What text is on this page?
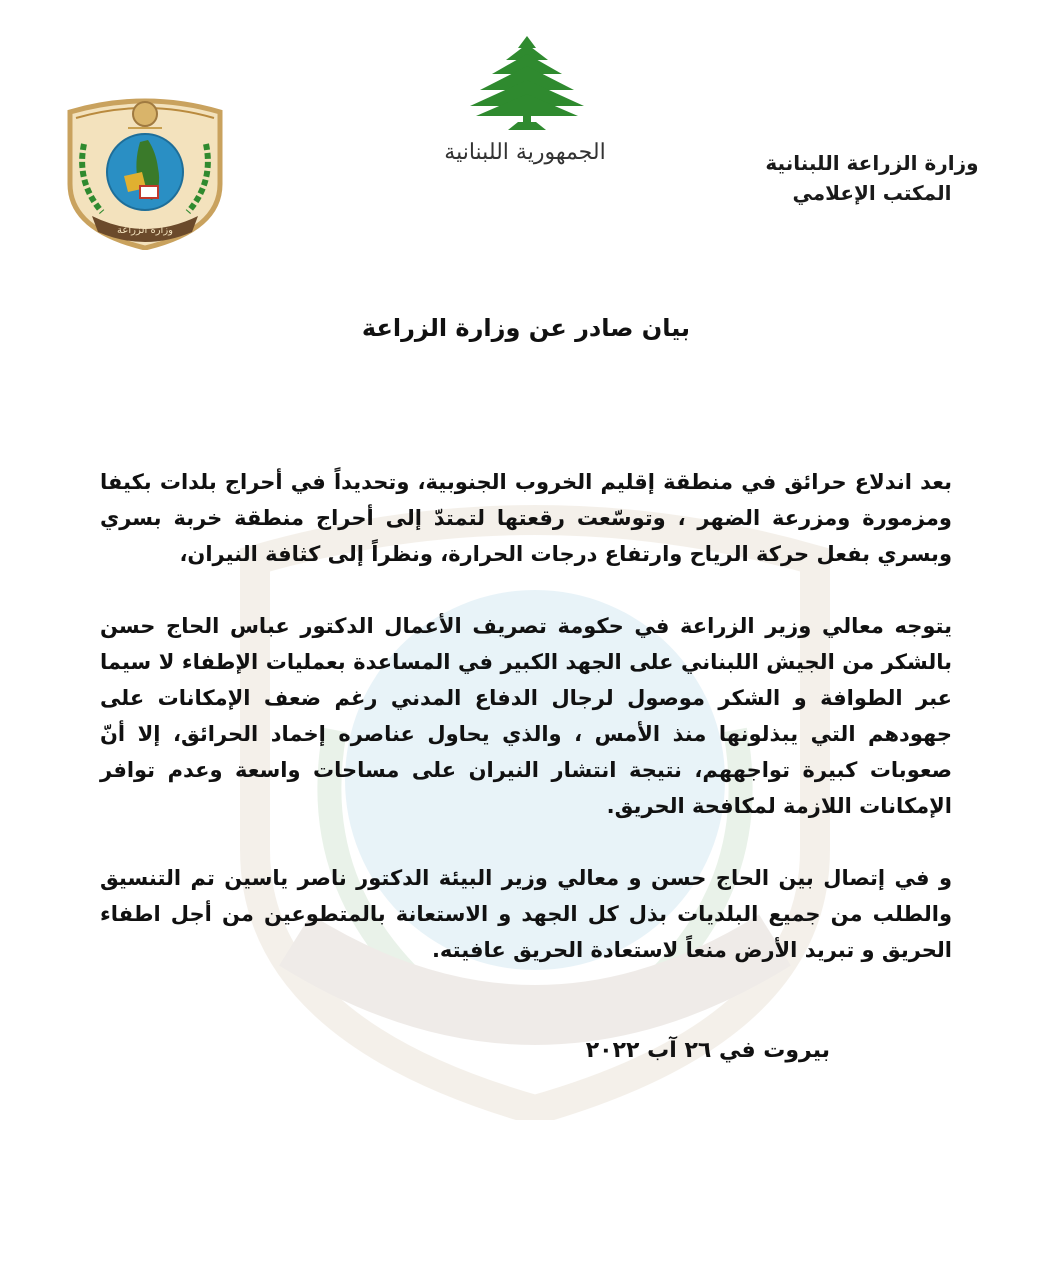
وزارة الزراعة
الجمهورية اللبنانية	وزارة الزراعة اللبنانية
المكتب الإعلامي
بيان صادر عن وزارة الزراعة

بعد اندلاع حرائق في منطقة إقليم الخروب الجنوبية، وتحديداً في أحراج بلدات بكيفا ومزمورة ومزرعة الضهر ، وتوسّعت رقعتها لتمتدّ إلى أحراج منطقة خربة بسري وبسري بفعل حركة الرياح وارتفاع درجات الحرارة، ونظراً إلى كثافة النيران،

يتوجه معالي وزير الزراعة في حكومة تصريف الأعمال الدكتور عباس الحاج حسن بالشكر من الجيش اللبناني على الجهد الكبير في المساعدة بعمليات الإطفاء لا سيما عبر الطوافة و الشكر موصول لرجال الدفاع المدني رغم ضعف الإمكانات على جهودهم التي يبذلونها منذ الأمس ، والذي يحاول عناصره إخماد الحرائق، إلا أنّ صعوبات كبيرة تواجههم، نتيجة انتشار النيران على مساحات واسعة وعدم توافر الإمكانات اللازمة لمكافحة الحريق.

و في إتصال بين الحاج حسن و معالي وزير البيئة الدكتور ناصر ياسين تم التنسيق والطلب من جميع البلديات بذل كل الجهد و الاستعانة بالمتطوعين من أجل اطفاء الحريق و تبريد الأرض منعاً لاستعادة الحريق عافيته.

بيروت في ٢٦ آب ٢٠٢٢
